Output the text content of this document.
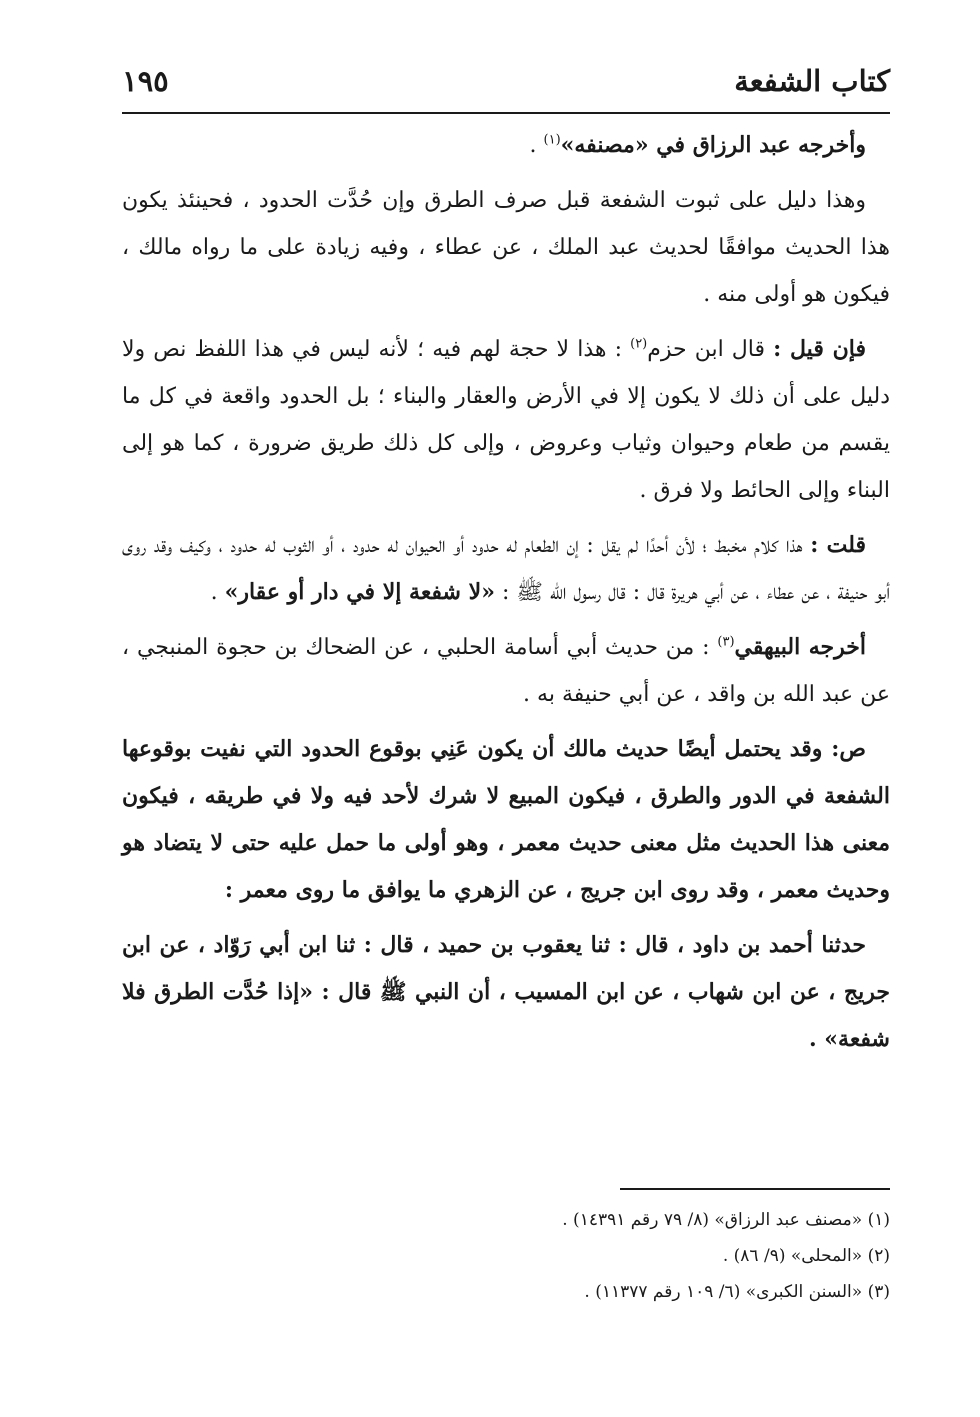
كتاب الشفعة
١٩٥

وأخرجه عبد الرزاق في «مصنفه»$^{(١)}$ .

وهذا دليل على ثبوت الشفعة قبل صرف الطرق وإن حُدَّت الحدود ، فحينئذ يكون هذا الحديث موافقًا لحديث عبد الملك ، عن عطاء ، وفيه زيادة على ما رواه مالك ، فيكون هو أولى منه .

فإن قيل : قال ابن حزم$^{(٢)}$ : هذا لا حجة لهم فيه ؛ لأنه ليس في هذا اللفظ نص ولا دليل على أن ذلك لا يكون إلا في الأرض والعقار والبناء ؛ بل الحدود واقعة في كل ما يقسم من طعام وحيوان وثياب وعروض ، وإلى كل ذلك طريق ضرورة ، كما هو إلى البناء وإلى الحائط ولا فرق .

قلت : هذا كلام مخبط ؛ لأن أحدًا لم يقل : إن الطعام له حدود أو الحيوان له حدود ، أو الثوب له حدود ، وكيف وقد روى أبو حنيفة ، عن عطاء ، عن أبي هريرة قال : قال رسول الله ﷺ : «لا شفعة إلا في دار أو عقار» .

أخرجه البيهقي$^{(٣)}$ : من حديث أبي أسامة الحلبي ، عن الضحاك بن حجوة المنبجي ، عن عبد الله بن واقد ، عن أبي حنيفة به .

ص: وقد يحتمل أيضًا حديث مالك أن يكون عَنِي بوقوع الحدود التي نفيت بوقوعها الشفعة في الدور والطرق ، فيكون المبيع لا شرك لأحد فيه ولا في طريقه ، فيكون معنى هذا الحديث مثل معنى حديث معمر ، وهو أولى ما حمل عليه حتى لا يتضاد هو وحديث معمر ، وقد روى ابن جريج ، عن الزهري ما يوافق ما روى معمر :

حدثنا أحمد بن داود ، قال : ثنا يعقوب بن حميد ، قال : ثنا ابن أبي رَوّاد ، عن ابن جريج ، عن ابن شهاب ، عن ابن المسيب ، أن النبي ﷺ قال : «إذا حُدَّت الطرق فلا شفعة» .

(١) «مصنف عبد الرزاق» (٨/ ٧٩ رقم ١٤٣٩١) .

(٢) «المحلى» (٩/ ٨٦) .

(٣) «السنن الكبرى» (٦/ ١٠٩ رقم ١١٣٧٧) .
